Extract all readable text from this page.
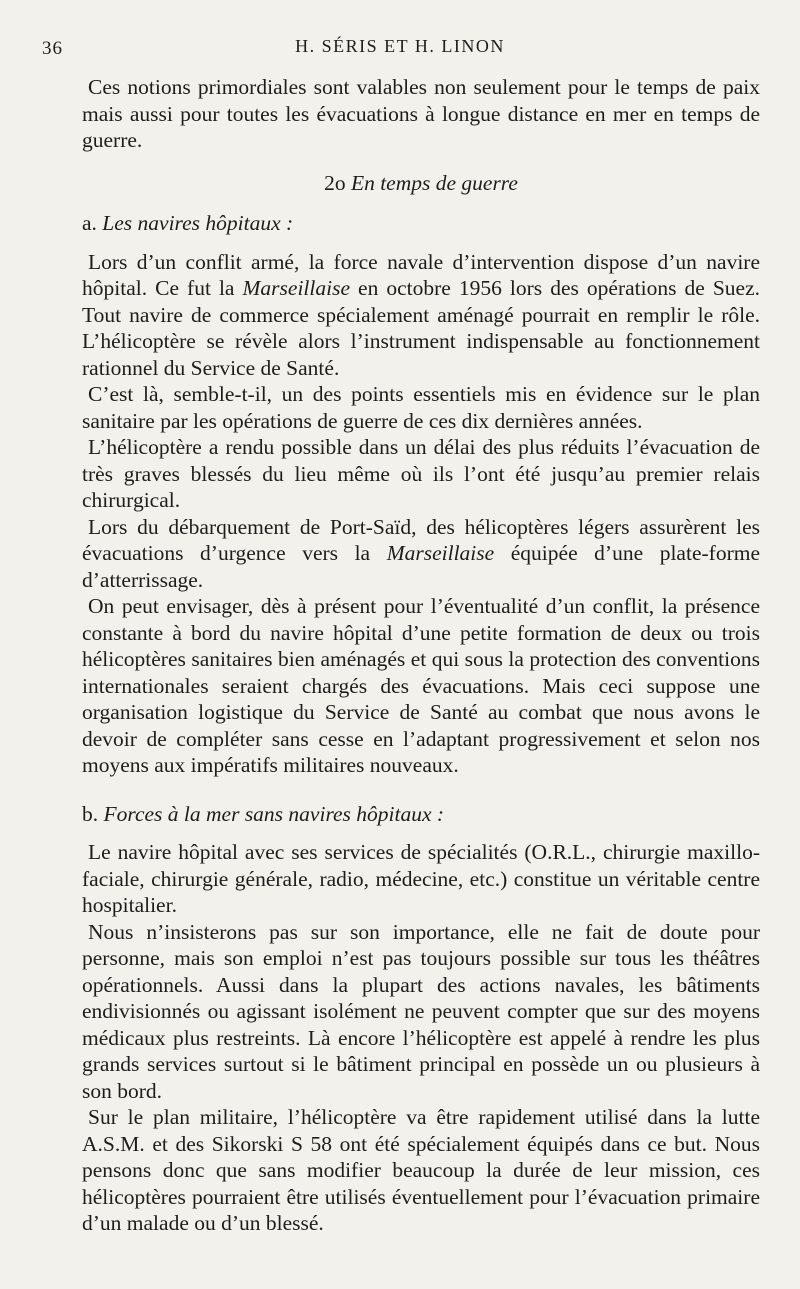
36	H. SÉRIS ET H. LINON

Ces notions primordiales sont valables non seulement pour le temps de paix mais aussi pour toutes les évacuations à longue distance en mer en temps de guerre.

2o En temps de guerre

a. Les navires hôpitaux :

Lors d’un conflit armé, la force navale d’intervention dispose d’un navire hôpital. Ce fut la Marseillaise en octobre 1956 lors des opérations de Suez. Tout navire de commerce spécialement aménagé pourrait en remplir le rôle. L’hélicoptère se révèle alors l’instrument indispensable au fonctionnement rationnel du Service de Santé.

C’est là, semble-t-il, un des points essentiels mis en évidence sur le plan sanitaire par les opérations de guerre de ces dix dernières années.

L’hélicoptère a rendu possible dans un délai des plus réduits l’évacuation de très graves blessés du lieu même où ils l’ont été jusqu’au premier relais chirurgical.

Lors du débarquement de Port-Saïd, des hélicoptères légers assurèrent les évacuations d’urgence vers la Marseillaise équipée d’une plate-forme d’atterrissage.

On peut envisager, dès à présent pour l’éventualité d’un conflit, la présence constante à bord du navire hôpital d’une petite formation de deux ou trois hélicoptères sanitaires bien aménagés et qui sous la protection des conventions internationales seraient chargés des évacuations. Mais ceci suppose une organisation logistique du Service de Santé au combat que nous avons le devoir de compléter sans cesse en l’adaptant progressivement et selon nos moyens aux impératifs militaires nouveaux.

b. Forces à la mer sans navires hôpitaux :

Le navire hôpital avec ses services de spécialités (O.R.L., chirurgie maxillo-faciale, chirurgie générale, radio, médecine, etc.) constitue un véritable centre hospitalier.

Nous n’insisterons pas sur son importance, elle ne fait de doute pour personne, mais son emploi n’est pas toujours possible sur tous les théâtres opérationnels. Aussi dans la plupart des actions navales, les bâtiments endivisionnés ou agissant isolément ne peuvent compter que sur des moyens médicaux plus restreints. Là encore l’hélicoptère est appelé à rendre les plus grands services surtout si le bâtiment principal en possède un ou plusieurs à son bord.

Sur le plan militaire, l’hélicoptère va être rapidement utilisé dans la lutte A.S.M. et des Sikorski S 58 ont été spécialement équipés dans ce but. Nous pensons donc que sans modifier beaucoup la durée de leur mission, ces hélicoptères pourraient être utilisés éventuellement pour l’évacuation primaire d’un malade ou d’un blessé.
